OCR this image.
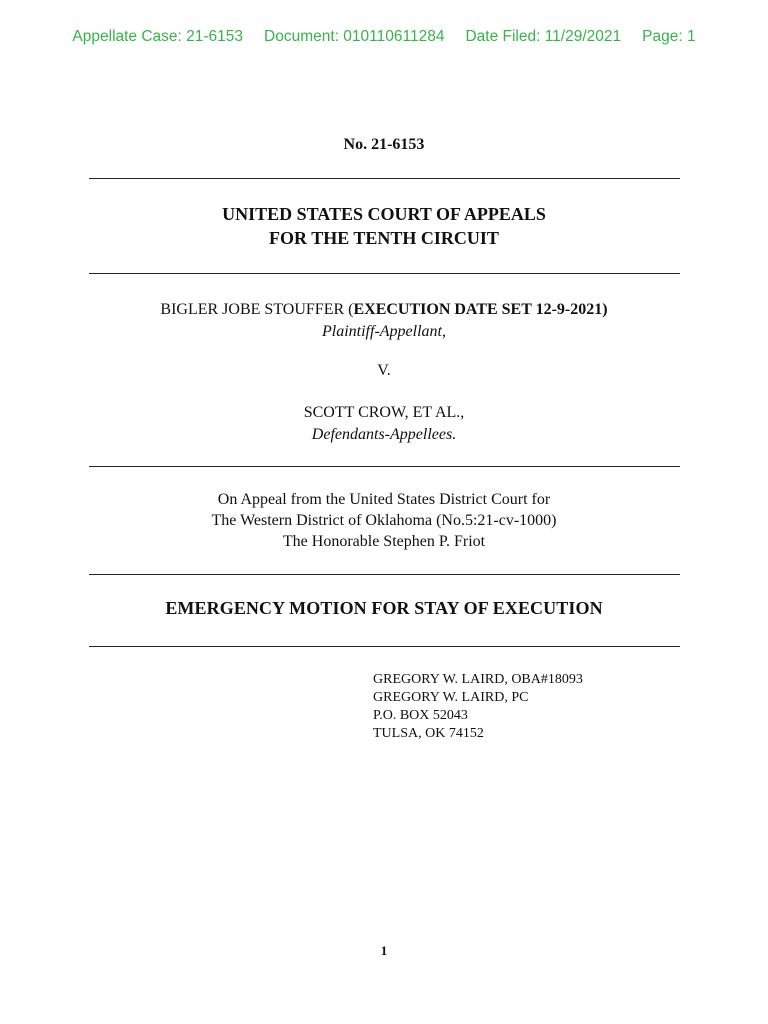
Appellate Case: 21-6153 Document: 010110611284 Date Filed: 11/29/2021 Page: 1
No. 21-6153
UNITED STATES COURT OF APPEALS
FOR THE TENTH CIRCUIT
BIGLER JOBE STOUFFER (EXECUTION DATE SET 12-9-2021)
Plaintiff-Appellant,
V.
SCOTT CROW, ET AL.,
Defendants-Appellees.
On Appeal from the United States District Court for
The Western District of Oklahoma (No.5:21-cv-1000)
The Honorable Stephen P. Friot
EMERGENCY MOTION FOR STAY OF EXECUTION
GREGORY W. LAIRD, OBA#18093
GREGORY W. LAIRD, PC
P.O. BOX 52043
TULSA, OK 74152
1
